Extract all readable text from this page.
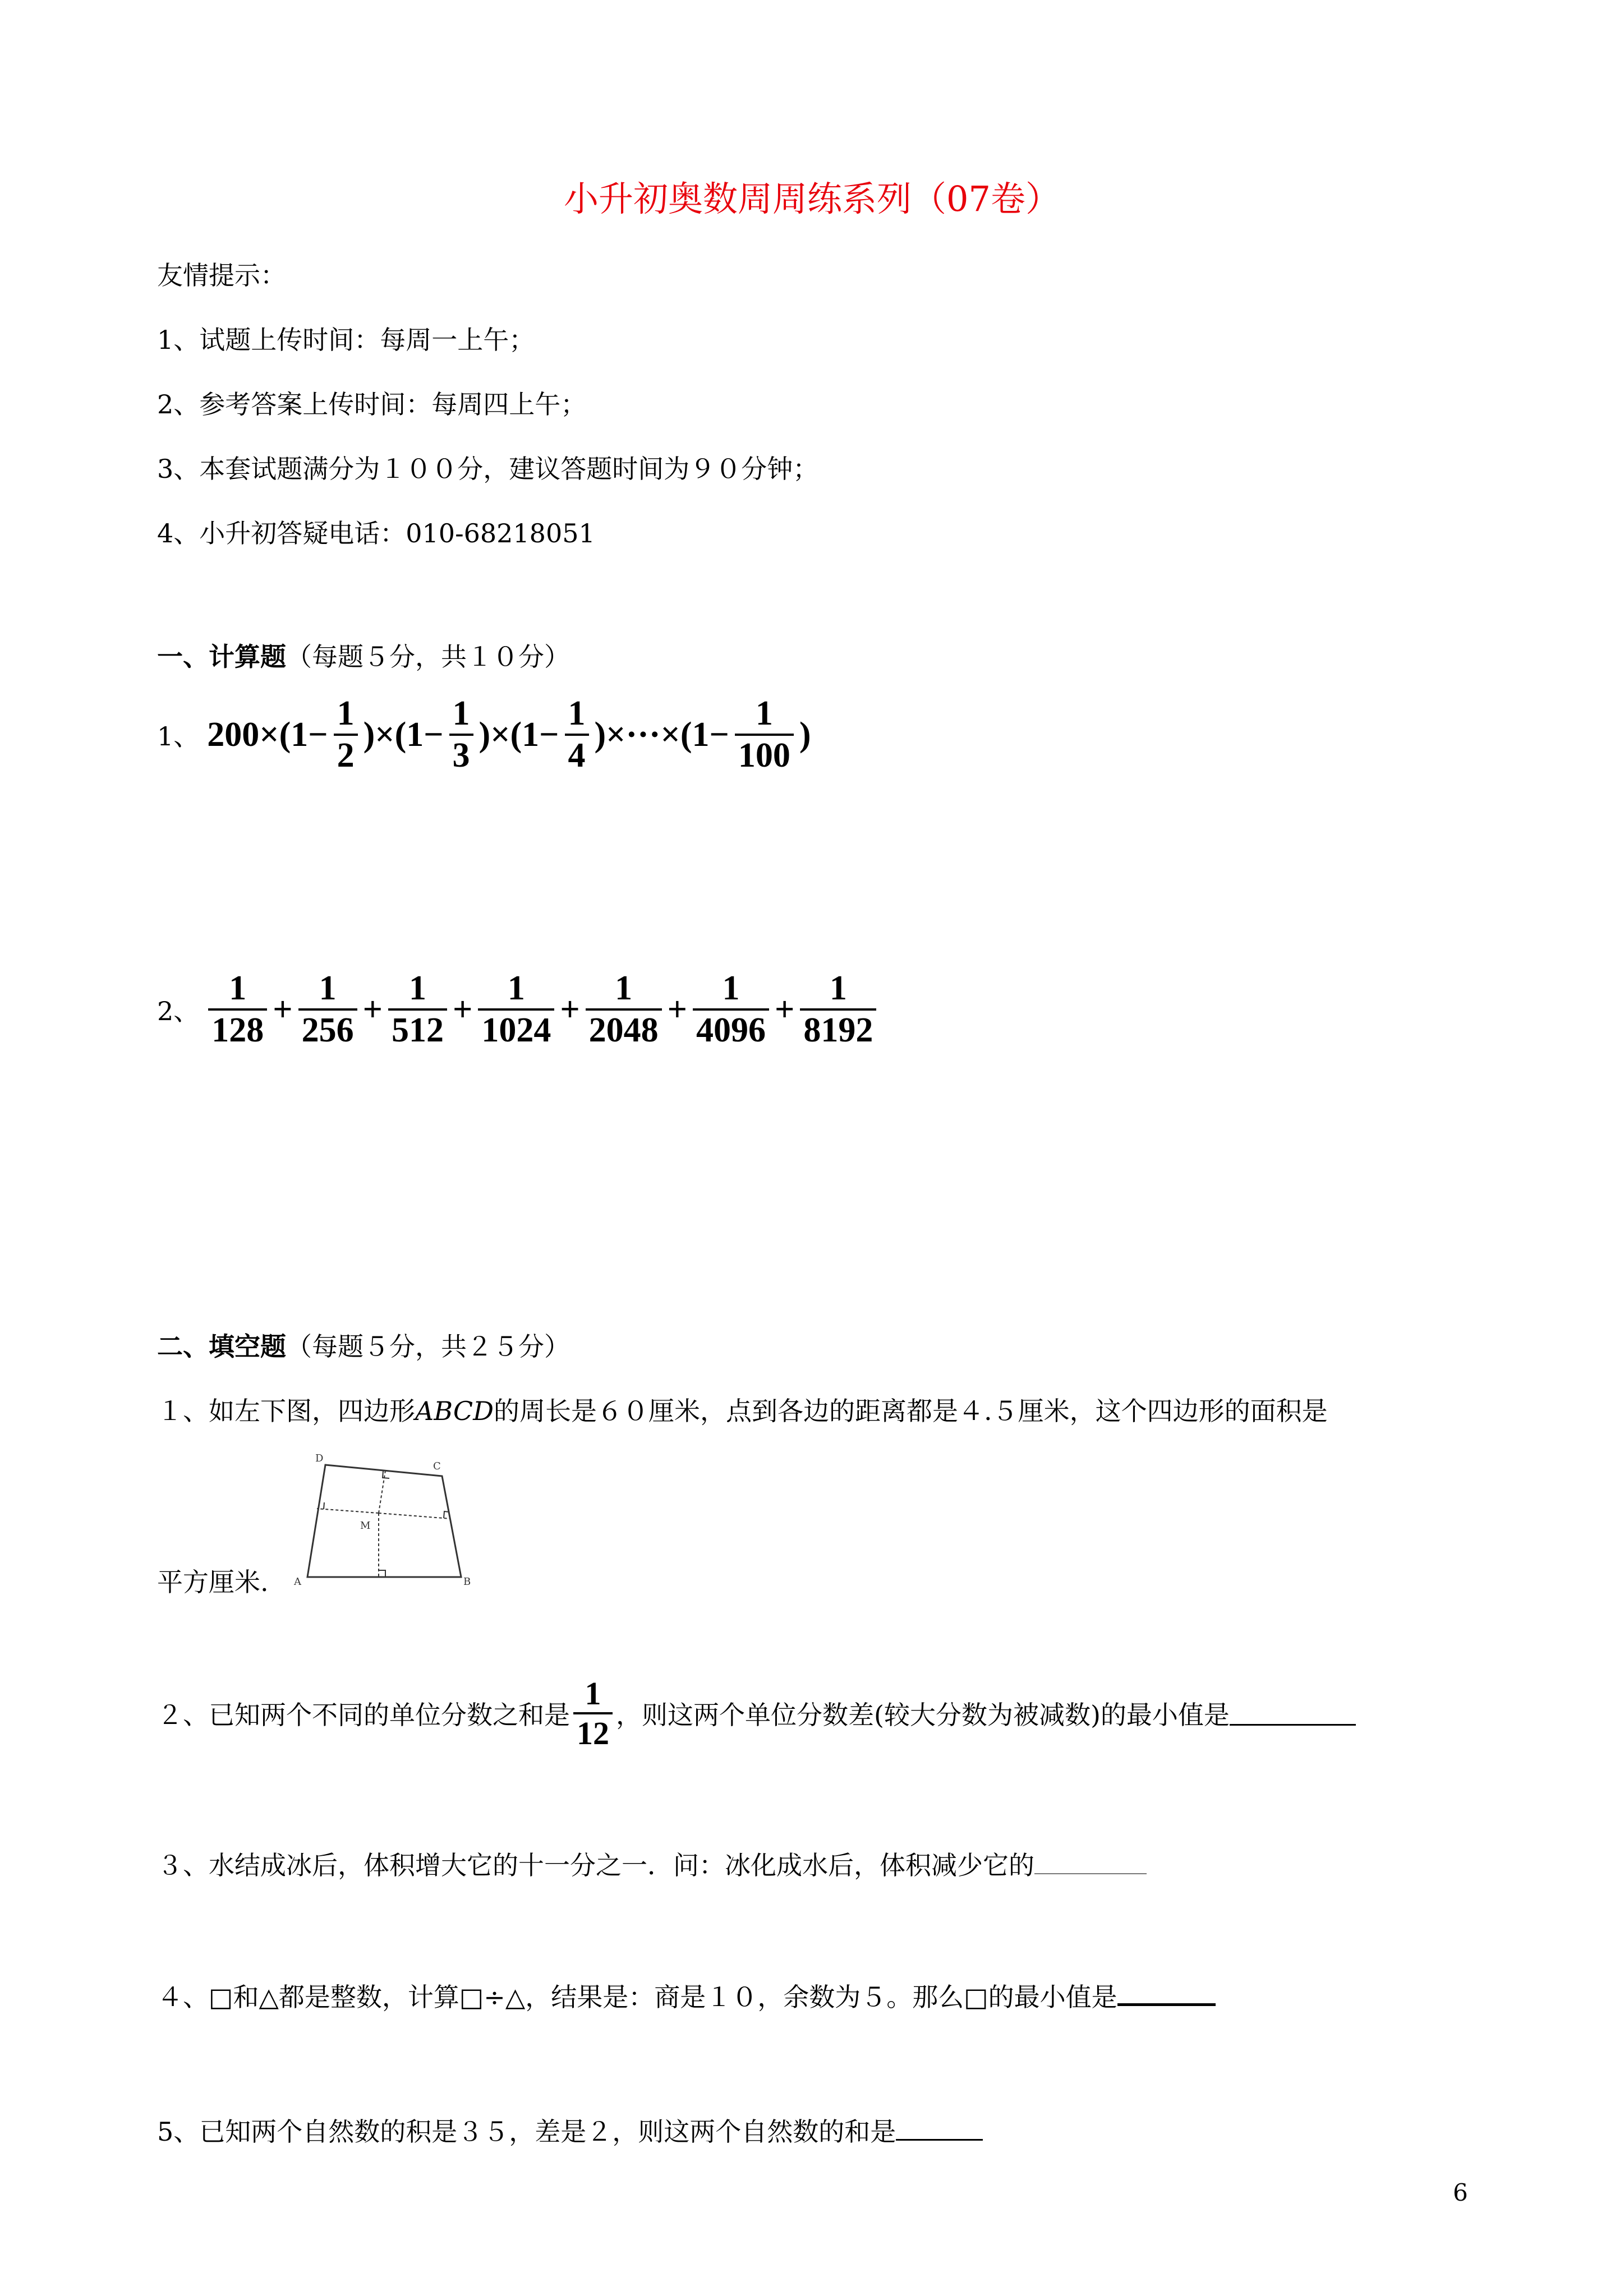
小升初奥数周周练系列（07卷）
友情提示：
1、试题上传时间：每周一上午；
2、参考答案上传时间：每周四上午；
3、本套试题满分为１００分，建议答题时间为９０分钟；
4、小升初答疑电话：010-68218051
一、计算题（每题５分，共１０分）
1、 $200\times(1- \frac{1}{2} )\times(1- \frac{1}{3} )\times(1- \frac{1}{4} )\times\cdot\cdot\cdot\times(1- \frac{1}{100}$ )
2、 $\frac{1}{128} + \frac{1}{256} + \frac{1}{512} + \frac{1}{1024} + \frac{1}{2048} + \frac{1}{4096} + \frac{1}{8192}$
二、填空题（每题５分，共２５分）
１、如左下图，四边形ABCD的周长是６０厘米，点到各边的距离都是４.５厘米，这个四边形的面积是
A	B
C
D
M
平方厘米.
２、已知两个不同的单位分数之和是 $\frac{1}{12}$ ，则这两个单位分数差(较大分数为被减数)的最小值是
３、水结成冰后，体积增大它的十一分之一．问：冰化成水后，体积减少它的
４、□和△都是整数，计算□÷△，结果是：商是１０，余数为５。那么□的最小值是
5、已知两个自然数的积是３５，差是２，则这两个自然数的和是
6
